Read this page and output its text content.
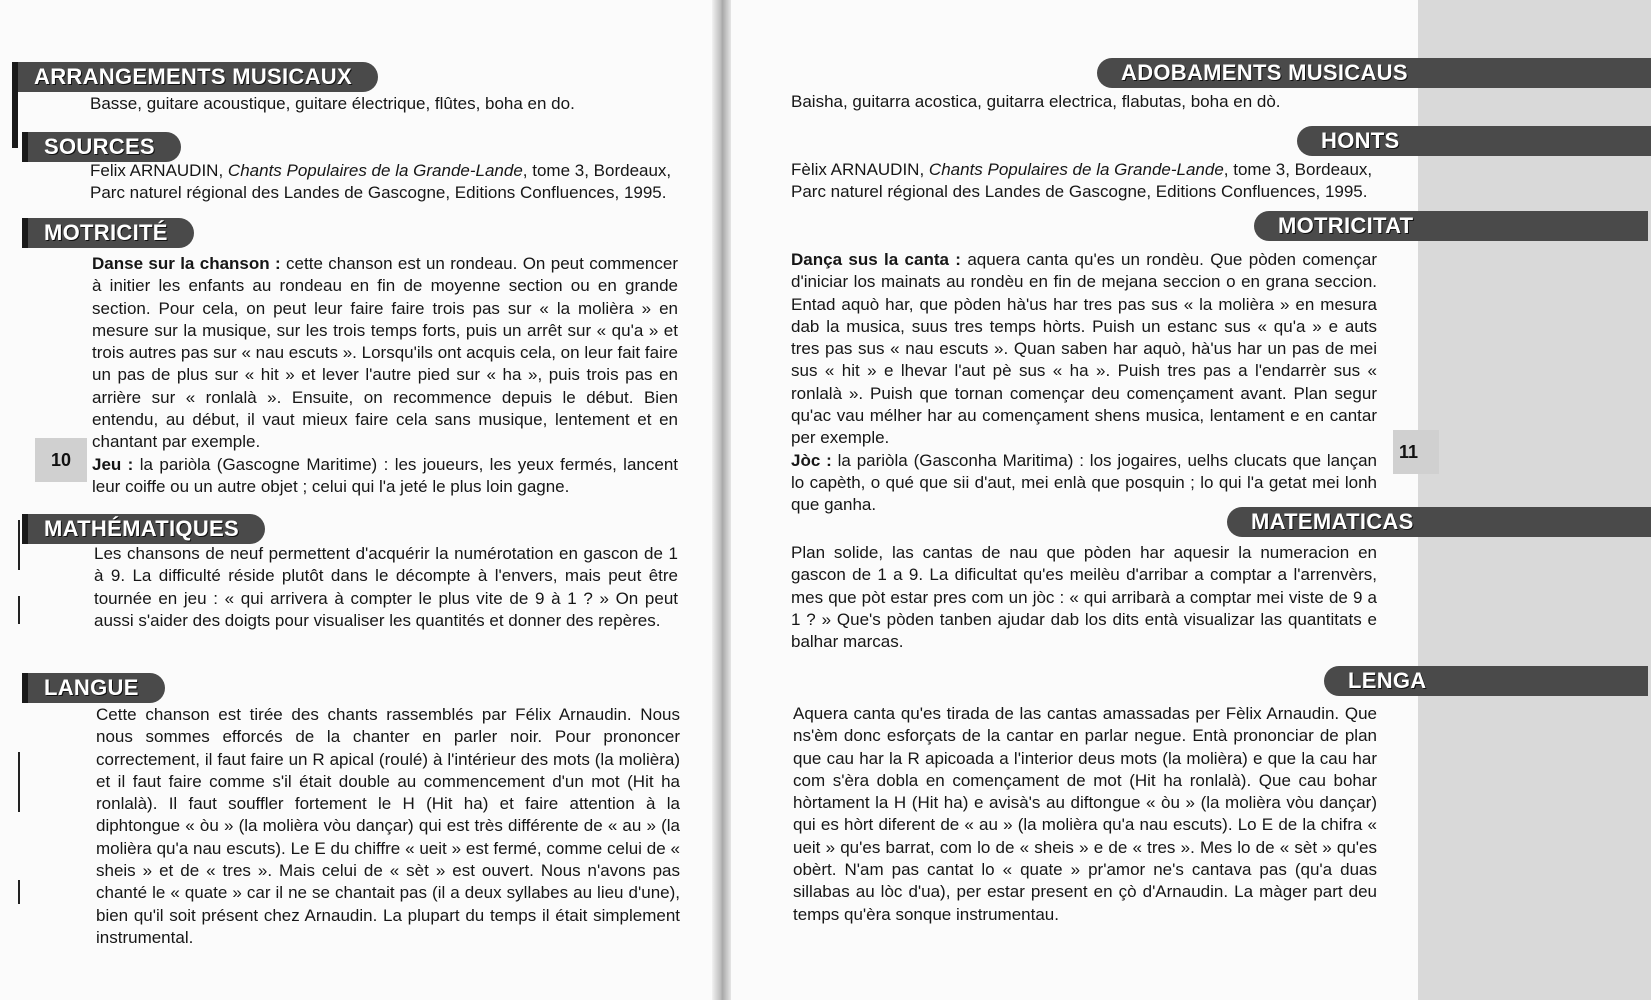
ARRANGEMENTS MUSICAUX

Basse, guitare acoustique, guitare électrique, flûtes, boha en do.

SOURCES

Felix ARNAUDIN, Chants Populaires de la Grande-Lande, tome 3, Bordeaux,

Parc naturel régional des Landes de Gascogne, Editions Confluences, 1995.

MOTRICITÉ

Danse sur la chanson : cette chanson est un rondeau. On peut commencer à initier les enfants au rondeau en fin de moyenne section ou en grande section. Pour cela, on peut leur faire faire trois pas sur « la molièra » en mesure sur la musique, sur les trois temps forts, puis un arrêt sur « qu'a » et trois autres pas sur « nau escuts ». Lorsqu'ils ont acquis cela, on leur fait faire un pas de plus sur « hit » et lever l'autre pied sur « ha », puis trois pas en arrière sur « ronlalà ». Ensuite, on recommence depuis le début. Bien entendu, au début, il vaut mieux faire cela sans musique, lentement et en chantant par exemple.

Jeu : la pariòla (Gascogne Maritime) : les joueurs, les yeux fermés, lancent leur coiffe ou un autre objet ; celui qui l'a jeté le plus loin gagne.

10
MATHÉMATIQUES
Les chansons de neuf permettent d'acquérir la numérotation en gascon de 1 à 9. La difficulté réside plutôt dans le décompte à l'envers, mais peut être tournée en jeu : « qui arrivera à compter le plus vite de 9 à 1 ? » On peut aussi s'aider des doigts pour visualiser les quantités et donner des repères.
LANGUE
Cette chanson est tirée des chants rassemblés par Félix Arnaudin. Nous nous sommes efforcés de la chanter en parler noir. Pour prononcer correctement, il faut faire un R apical (roulé) à l'intérieur des mots (la molièra) et il faut faire comme s'il était double au commencement d'un mot (Hit ha ronlalà). Il faut souffler fortement le H (Hit ha) et faire attention à la diphtongue « òu » (la molièra vòu dançar) qui est très différente de « au » (la molièra qu'a nau escuts). Le E du chiffre « ueit » est fermé, comme celui de « sheis » et de « tres ». Mais celui de « sèt » est ouvert. Nous n'avons pas chanté le « quate » car il ne se chantait pas (il a deux syllabes au lieu d'une), bien qu'il soit présent chez Arnaudin. La plupart du temps il était simplement instrumental.
ADOBAMENTS MUSICAUS

Baisha, guitarra acostica, guitarra electrica, flabutas, boha en dò.

HONTS

Fèlix ARNAUDIN, Chants Populaires de la Grande-Lande, tome 3, Bordeaux,

Parc naturel régional des Landes de Gascogne, Editions Confluences, 1995.

MOTRICITAT

Dança sus la canta : aquera canta qu'es un rondèu. Que pòden començar d'iniciar los mainats au rondèu en fin de mejana seccion o en grana seccion. Entad aquò har, que pòden hà'us har tres pas sus « la molièra » en mesura dab la musica, suus tres temps hòrts. Puish un estanc sus « qu'a » e auts tres pas sus « nau escuts ». Quan saben har aquò, hà'us har un pas de mei sus « hit » e lhevar l'aut pè sus « ha ». Puish tres pas a l'endarrèr sus « ronlalà ». Puish que tornan començar deu començament avant. Plan segur qu'ac vau mélher har au començament shens musica, lentament e en cantar per exemple.

Jòc : la pariòla (Gasconha Maritima) : los jogaires, uelhs clucats que lançan lo capèth, o qué que sii d'aut, mei enlà que posquin ; lo qui l'a getat mei lonh que ganha.

11
MATEMATICAS
Plan solide, las cantas de nau que pòden har aquesir la numeracion en gascon de 1 a 9. La dificultat qu'es meilèu d'arribar a comptar a l'arrenvèrs, mes que pòt estar pres com un jòc : « qui arribarà a comptar mei viste de 9 a 1 ? » Que's pòden tanben ajudar dab los dits entà visualizar las quantitats e balhar marcas.
LENGA
Aquera canta qu'es tirada de las cantas amassadas per Fèlix Arnaudin. Que ns'èm donc esforçats de la cantar en parlar negue. Entà prononciar de plan que cau har la R apicoada a l'interior deus mots (la molièra) e que la cau har com s'èra dobla en començament de mot (Hit ha ronlalà). Que cau bohar hòrtament la H (Hit ha) e avisà's au diftongue « òu » (la molièra vòu dançar) qui es hòrt diferent de « au » (la molièra qu'a nau escuts). Lo E de la chifra « ueit » qu'es barrat, com lo de « sheis » e de « tres ». Mes lo de « sèt » qu'es obèrt. N'am pas cantat lo « quate » pr'amor ne's cantava pas (qu'a duas sillabas au lòc d'ua), per estar present en çò d'Arnaudin. La màger part deu temps qu'èra sonque instrumentau.
